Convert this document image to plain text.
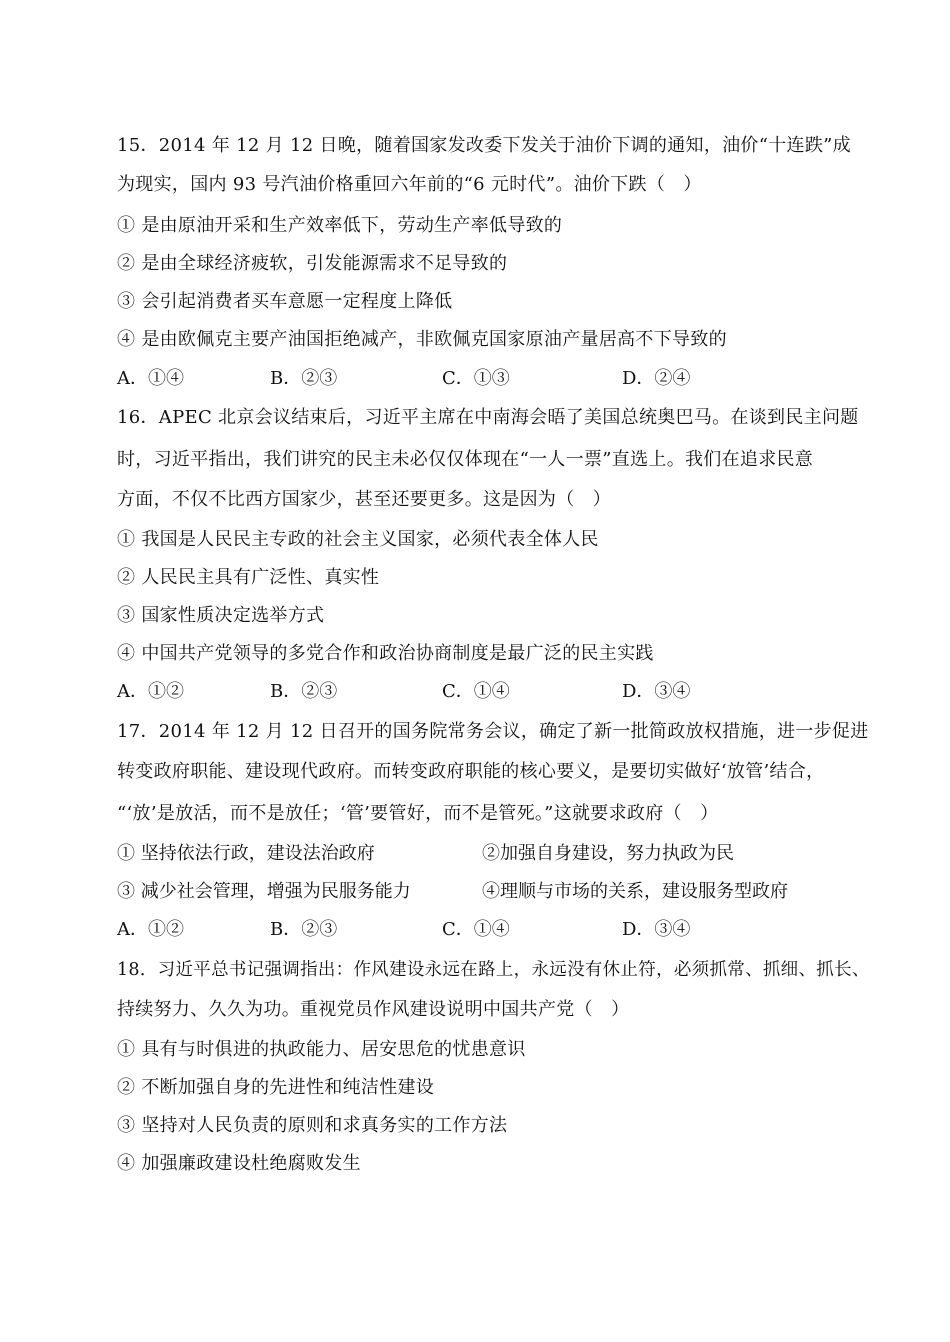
15．2014 年 12 月 12 日晚，随着国家发改委下发关于油价下调的通知，油价“十连跌”成
为现实，国内 93 号汽油价格重回六年前的“6 元时代”。油价下跌（　）
① 是由原油开采和生产效率低下，劳动生产率低导致的
② 是由全球经济疲软，引发能源需求不足导致的
③ 会引起消费者买车意愿一定程度上降低
④ 是由欧佩克主要产油国拒绝减产，非欧佩克国家原油产量居高不下导致的
A．①④	B．②③	C．①③	D．②④
16．APEC 北京会议结束后，习近平主席在中南海会晤了美国总统奥巴马。在谈到民主问题
时，习近平指出，我们讲究的民主未必仅仅体现在“一人一票”直选上。我们在追求民意
方面，不仅不比西方国家少，甚至还要更多。这是因为（　）
① 我国是人民民主专政的社会主义国家，必须代表全体人民
② 人民民主具有广泛性、真实性
③ 国家性质决定选举方式
④ 中国共产党领导的多党合作和政治协商制度是最广泛的民主实践
A．①②	B．②③	C．①④	D．③④
17．2014 年 12 月 12 日召开的国务院常务会议，确定了新一批简政放权措施，进一步促进
转变政府职能、建设现代政府。而转变政府职能的核心要义，是要切实做好‘放管’结合，
“‘放’是放活，而不是放任；‘管’要管好，而不是管死。”这就要求政府（　）
① 坚持依法行政，建设法治政府	②加强自身建设，努力执政为民
③ 减少社会管理，增强为民服务能力	④理顺与市场的关系，建设服务型政府
A．①②	B．②③	C．①④	D．③④
18．习近平总书记强调指出：作风建设永远在路上，永远没有休止符，必须抓常、抓细、抓长、
持续努力、久久为功。重视党员作风建设说明中国共产党（　）
① 具有与时俱进的执政能力、居安思危的忧患意识
② 不断加强自身的先进性和纯洁性建设
③ 坚持对人民负责的原则和求真务实的工作方法
④ 加强廉政建设杜绝腐败发生
